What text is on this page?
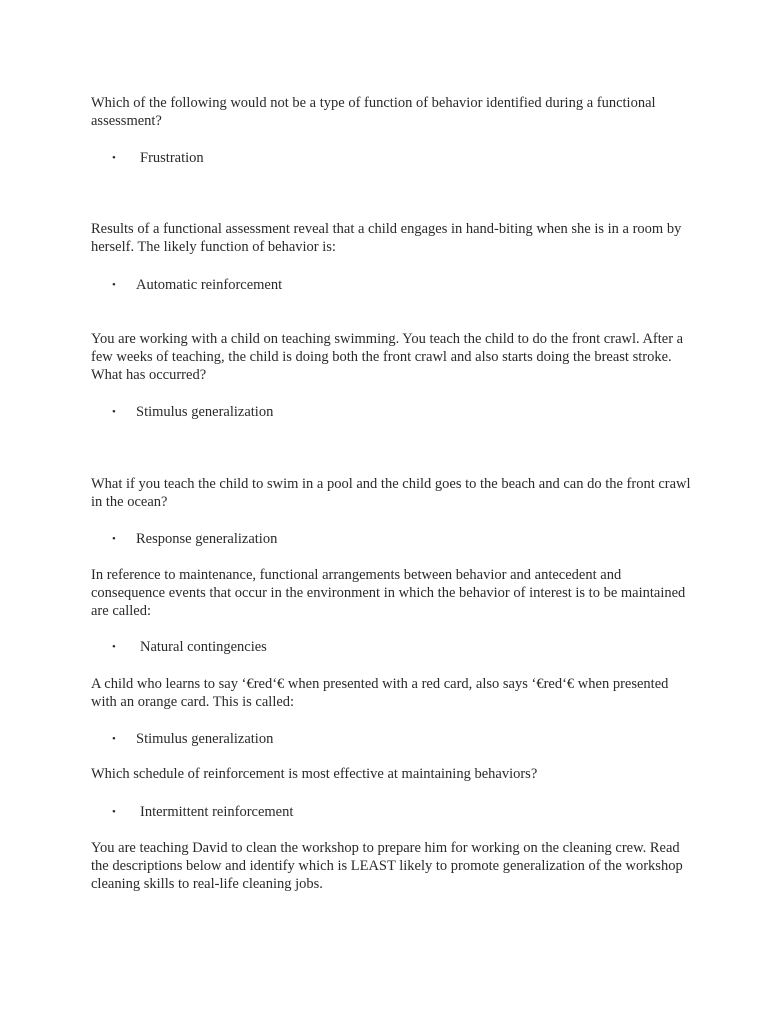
Which of the following would not be a type of function of behavior identified during a functional assessment?

• Frustration

Results of a functional assessment reveal that a child engages in hand-biting when she is in a room by herself. The likely function of behavior is:

• Automatic reinforcement

You are working with a child on teaching swimming. You teach the child to do the front crawl. After a few weeks of teaching, the child is doing both the front crawl and also starts doing the breast stroke. What has occurred?

• Stimulus generalization

What if you teach the child to swim in a pool and the child goes to the beach and can do the front crawl in the ocean?

• Response generalization

In reference to maintenance, functional arrangements between behavior and antecedent and consequence events that occur in the environment in which the behavior of interest is to be maintained are called:

• Natural contingencies

A child who learns to say ‘€red‘€ when presented with a red card, also says ‘€red‘€ when presented with an orange card. This is called:

• Stimulus generalization

Which schedule of reinforcement is most effective at maintaining behaviors?

• Intermittent reinforcement

You are teaching David to clean the workshop to prepare him for working on the cleaning crew. Read the descriptions below and identify which is LEAST likely to promote generalization of the workshop cleaning skills to real-life cleaning jobs.
